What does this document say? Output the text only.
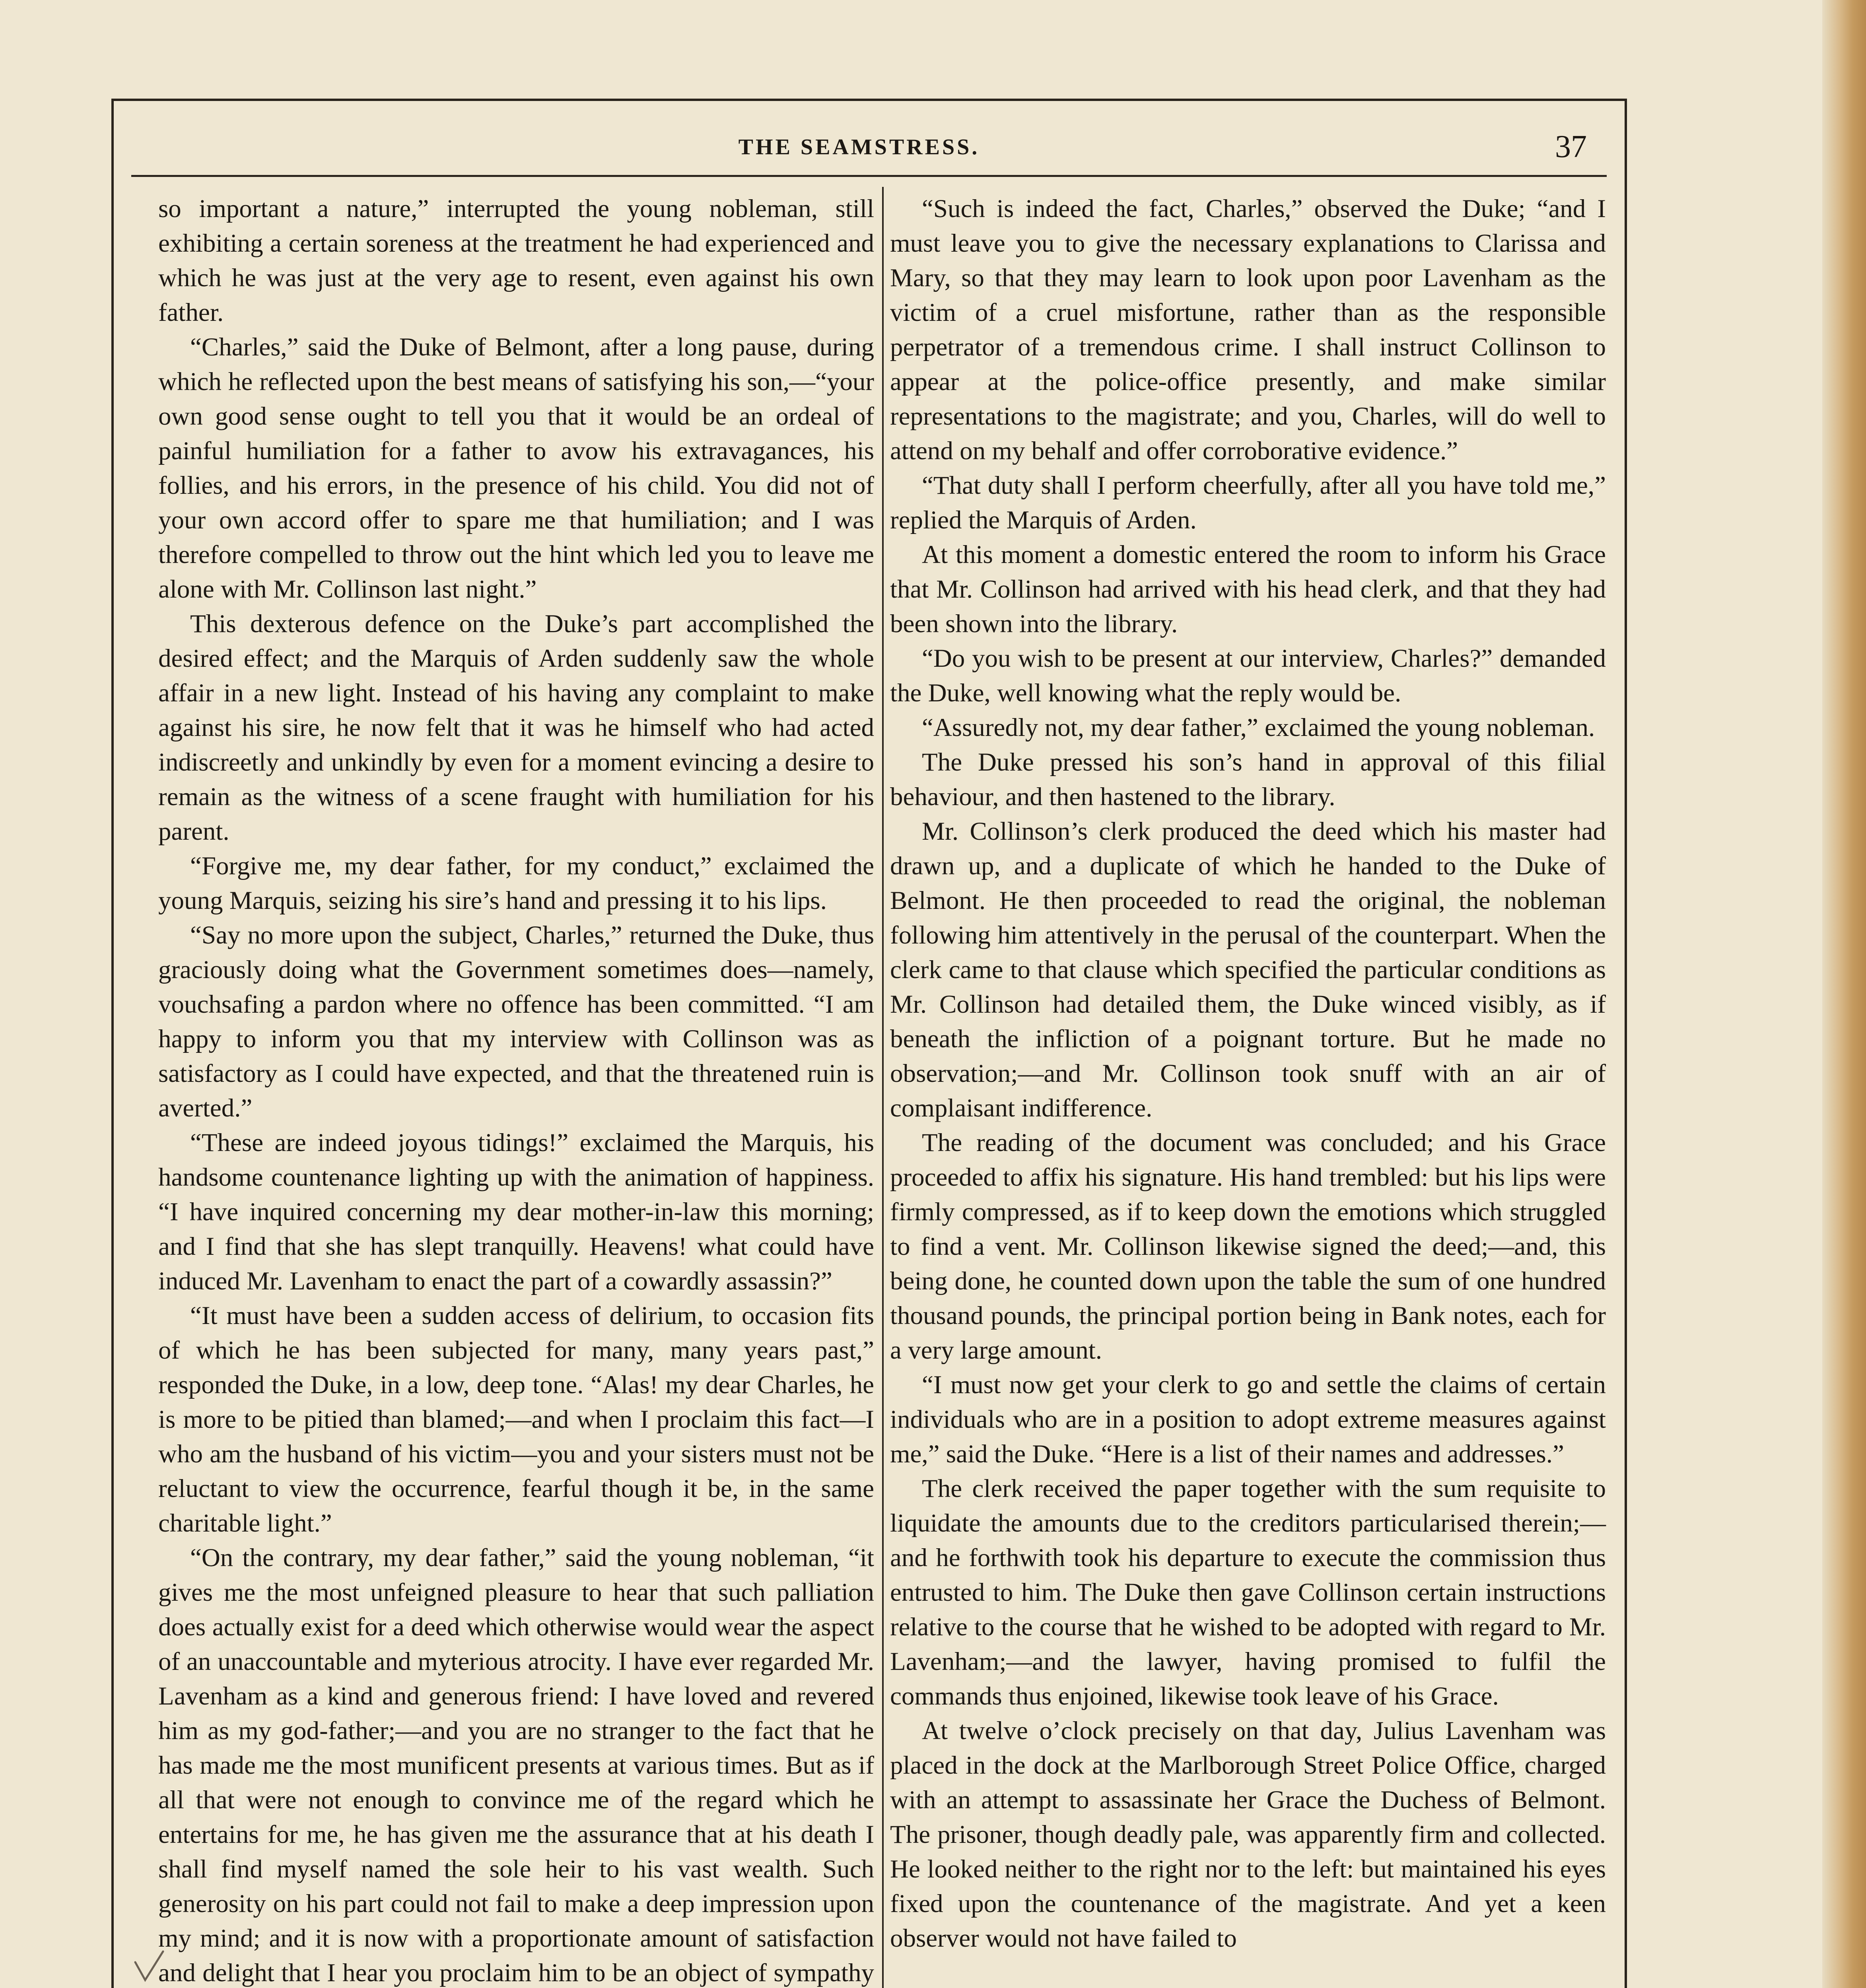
THE SEAMSTRESS.	37

so important a nature,” interrupted the young nobleman, still exhibiting a certain soreness at the treatment he had experienced and which he was just at the very age to resent, even against his own father.

“Charles,” said the Duke of Belmont, after a long pause, during which he reflected upon the best means of satisfying his son,—“your own good sense ought to tell you that it would be an ordeal of painful humiliation for a father to avow his extravagances, his follies, and his errors, in the presence of his child. You did not of your own accord offer to spare me that humiliation; and I was therefore compelled to throw out the hint which led you to leave me alone with Mr. Collinson last night.”

This dexterous defence on the Duke’s part accomplished the desired effect; and the Marquis of Arden suddenly saw the whole affair in a new light. Instead of his having any complaint to make against his sire, he now felt that it was he himself who had acted indiscreetly and unkindly by even for a moment evincing a desire to remain as the witness of a scene fraught with humiliation for his parent.

“Forgive me, my dear father, for my conduct,” exclaimed the young Marquis, seizing his sire’s hand and pressing it to his lips.

“Say no more upon the subject, Charles,” returned the Duke, thus graciously doing what the Government sometimes does—namely, vouchsafing a pardon where no offence has been committed. “I am happy to inform you that my interview with Collinson was as satisfactory as I could have expected, and that the threatened ruin is averted.”

“These are indeed joyous tidings!” exclaimed the Marquis, his handsome countenance lighting up with the animation of happiness. “I have inquired concerning my dear mother-in-law this morning; and I find that she has slept tranquilly. Heavens! what could have induced Mr. Lavenham to enact the part of a cowardly assassin?”

“It must have been a sudden access of delirium, to occasion fits of which he has been subjected for many, many years past,” responded the Duke, in a low, deep tone. “Alas! my dear Charles, he is more to be pitied than blamed;—and when I proclaim this fact—I who am the husband of his victim—you and your sisters must not be reluctant to view the occurrence, fearful though it be, in the same charitable light.”

“On the contrary, my dear father,” said the young nobleman, “it gives me the most unfeigned pleasure to hear that such palliation does actually exist for a deed which otherwise would wear the aspect of an unaccountable and myterious atrocity. I have ever regarded Mr. Lavenham as a kind and generous friend: I have loved and revered him as my god-father;—and you are no stranger to the fact that he has made me the most munificent presents at various times. But as if all that were not enough to convince me of the regard which he entertains for me, he has given me the assurance that at his death I shall find myself named the sole heir to his vast wealth. Such generosity on his part could not fail to make a deep impression upon my mind; and it is now with a proportionate amount of satisfaction and delight that I hear you proclaim him to be an object of sympathy

“Such is indeed the fact, Charles,” observed the Duke; “and I must leave you to give the necessary explanations to Clarissa and Mary, so that they may learn to look upon poor Lavenham as the victim of a cruel misfortune, rather than as the responsible perpetrator of a tremendous crime. I shall instruct Collinson to appear at the police-office presently, and make similar representations to the magistrate; and you, Charles, will do well to attend on my behalf and offer corroborative evidence.”

“That duty shall I perform cheerfully, after all you have told me,” replied the Marquis of Arden.

At this moment a domestic entered the room to inform his Grace that Mr. Collinson had arrived with his head clerk, and that they had been shown into the library.

“Do you wish to be present at our interview, Charles?” demanded the Duke, well knowing what the reply would be.

“Assuredly not, my dear father,” exclaimed the young nobleman.

The Duke pressed his son’s hand in approval of this filial behaviour, and then hastened to the library.

Mr. Collinson’s clerk produced the deed which his master had drawn up, and a duplicate of which he handed to the Duke of Belmont. He then proceeded to read the original, the nobleman following him attentively in the perusal of the counterpart. When the clerk came to that clause which specified the particular conditions as Mr. Collinson had detailed them, the Duke winced visibly, as if beneath the infliction of a poignant torture. But he made no observation;—and Mr. Collinson took snuff with an air of complaisant indifference.

The reading of the document was concluded; and his Grace proceeded to affix his signature. His hand trembled: but his lips were firmly compressed, as if to keep down the emotions which struggled to find a vent. Mr. Collinson likewise signed the deed;—and, this being done, he counted down upon the table the sum of one hundred thousand pounds, the principal portion being in Bank notes, each for a very large amount.

“I must now get your clerk to go and settle the claims of certain individuals who are in a position to adopt extreme measures against me,” said the Duke. “Here is a list of their names and addresses.”

The clerk received the paper together with the sum requisite to liquidate the amounts due to the creditors particularised therein;—and he forthwith took his departure to execute the commission thus entrusted to him. The Duke then gave Collinson certain instructions relative to the course that he wished to be adopted with regard to Mr. Lavenham;—and the lawyer, having promised to fulfil the commands thus enjoined, likewise took leave of his Grace.

At twelve o’clock precisely on that day, Julius Lavenham was placed in the dock at the Marlborough Street Police Office, charged with an attempt to assassinate her Grace the Duchess of Belmont. The prisoner, though deadly pale, was apparently firm and collected. He looked neither to the right nor to the left: but maintained his eyes fixed upon the countenance of the magistrate. And yet a keen observer would not have failed to
